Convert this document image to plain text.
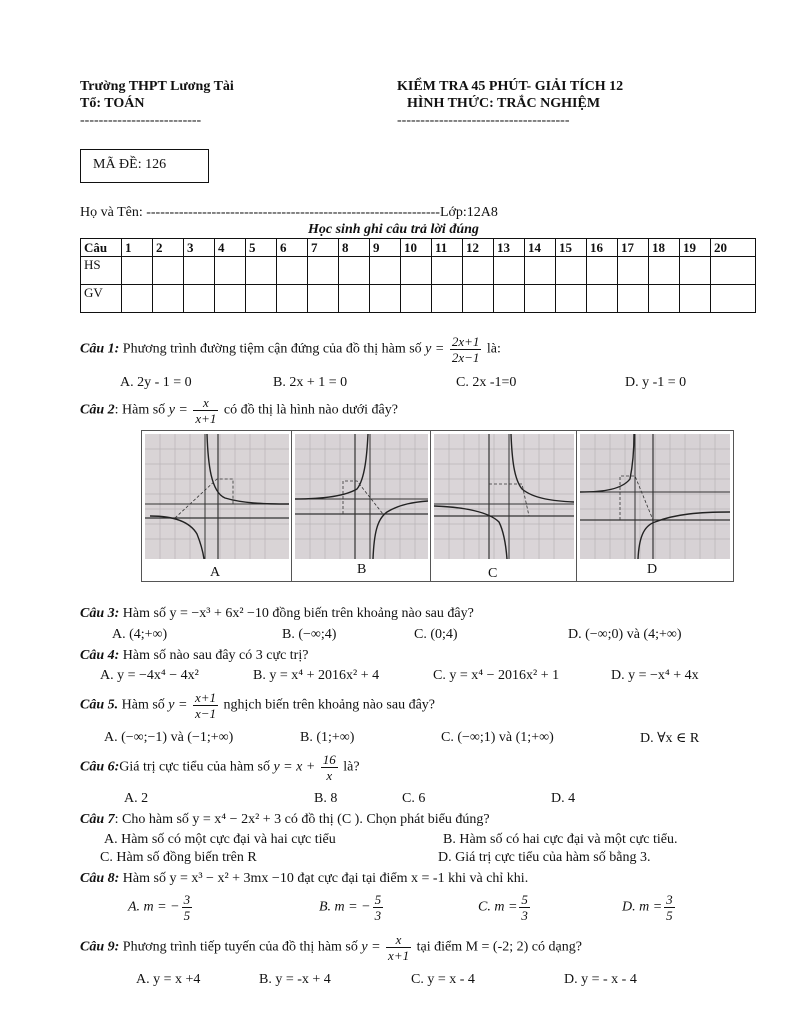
Trường THPT Lương Tài
Tổ: TOÁN
--------------------------
KIỂM TRA 45 PHÚT- GIẢI TÍCH 12
HÌNH THỨC: TRẮC NGHIỆM
-------------------------------------
MÃ ĐỀ: 126
Họ và Tên: ---------------------------------------------------------------Lớp:12A8
Học sinh ghi câu trả lời đúng
Câu	1	2	3	4	5	6	7	8	9	10	11	12	13	14	15	16	17	18	19	20
HS																				
GV																				
Câu 1: Phương trình đường tiệm cận đứng của đồ thị hàm số $y = \frac{2x+1}{2x-1}$ là:
A. 2y - 1 = 0	B. 2x + 1 = 0	C. 2x -1=0	D. y -1 = 0
Câu 2: Hàm số $y = \frac{x}{x+1}$ có đồ thị là hình nào dưới đây?
A	B	C	D
Câu 3: Hàm số y = −x³ + 6x² −10 đồng biến trên khoảng nào sau đây?
A. (4;+∞)	B. (−∞;4)	C. (0;4)	D. (−∞;0) và (4;+∞)
Câu 4: Hàm số nào sau đây có 3 cực trị?
A. y = −4x⁴ − 4x²	B. y = x⁴ + 2016x² + 4	C. y = x⁴ − 2016x² + 1	D. y = −x⁴ + 4x
Câu 5. Hàm số $y = \frac{x+1}{x-1}$ nghịch biến trên khoảng nào sau đây?
A. (−∞;−1) và (−1;+∞)	B. (1;+∞)	C. (−∞;1) và (1;+∞)	D. ∀x ∈ R
Câu 6:Giá trị cực tiểu của hàm số $y = x + \frac{16}{x}$ là?
A. 2	B. 8	C. 6	D. 4
Câu 7: Cho hàm số y = x⁴ − 2x² + 3 có đồ thị (C ). Chọn phát biểu đúng?
A. Hàm số có một cực đại và hai cực tiểu	B. Hàm số có hai cực đại và một cực tiểu.
C. Hàm số đồng biến trên R	D. Giá trị cực tiểu của hàm số bằng 3.
Câu 8: Hàm số y = x³ − x² + 3mx −10 đạt cực đại tại điểm x = -1 khi và chỉ khi.
A. m = − $\frac{3}{5}$	B. m = − $\frac{5}{3}$	C. $m = \frac{5}{3}$	D. $m = \frac{3}{5}$
Câu 9: Phương trình tiếp tuyến của đồ thị hàm số $y = \frac{x}{x+1}$ tại điểm M = (-2; 2) có dạng?
A. y = x +4	B. y = -x + 4	C. y = x - 4	D. y = - x - 4
